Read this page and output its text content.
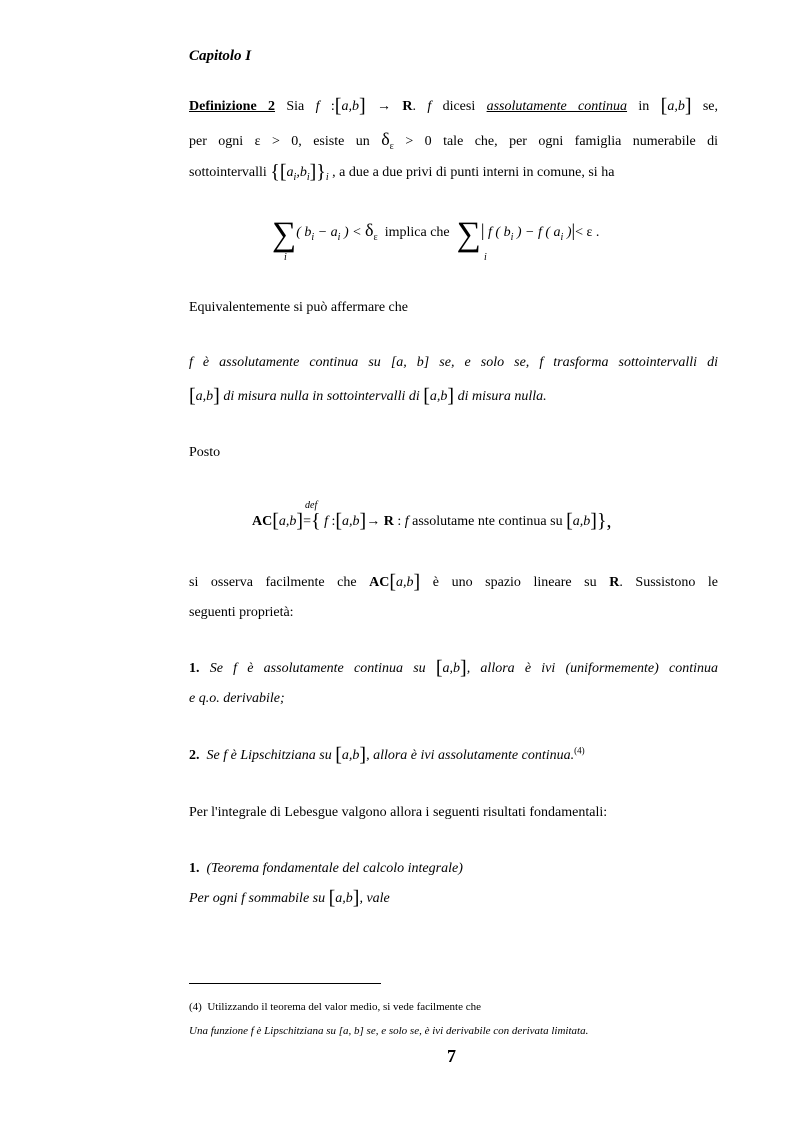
Capitolo I
Definizione 2 Sia f :[a,b] → R. f dicesi assolutamente continua in [a,b] se,
per ogni ε > 0, esiste un $\delta_\varepsilon > 0$ tale che, per ogni famiglia numerabile di
sottointervalli $\{[a_i,b_i]\}_i$ , a due a due privi di punti interni in comune, si ha
∑( $b_i - a_i$ ) < $\delta_\varepsilon$ implica che ∑| f ( $b_i$ ) − f ( $a_i$ )|< ε .
i	i
Equivalentemente si può affermare che
f è assolutamente continua su [a, b] se, e solo se, f trasforma sottointervalli di
[a,b] di misura nulla in sottointervalli di [a,b] di misura nulla.
Posto
def
AC[a,b]={ f :[a,b]→ R : f assolutame nte continua su [a,b]},
si osserva facilmente che AC[a,b] è uno spazio lineare su R. Sussistono le
seguenti proprietà:
1. Se f è assolutamente continua su [a,b], allora è ivi (uniformemente) continua
e q.o. derivabile;
2. Se f è Lipschitziana su [a,b], allora è ivi assolutamente continua.$^{(4)}$
Per l'integrale di Lebesgue valgono allora i seguenti risultati fondamentali:
1. (Teorema fondamentale del calcolo integrale)
Per ogni f sommabile su [a,b], vale
(4) Utilizzando il teorema del valor medio, si vede facilmente che
Una funzione f è Lipschitziana su [a, b] se, e solo se, è ivi derivabile con derivata limitata.
7
